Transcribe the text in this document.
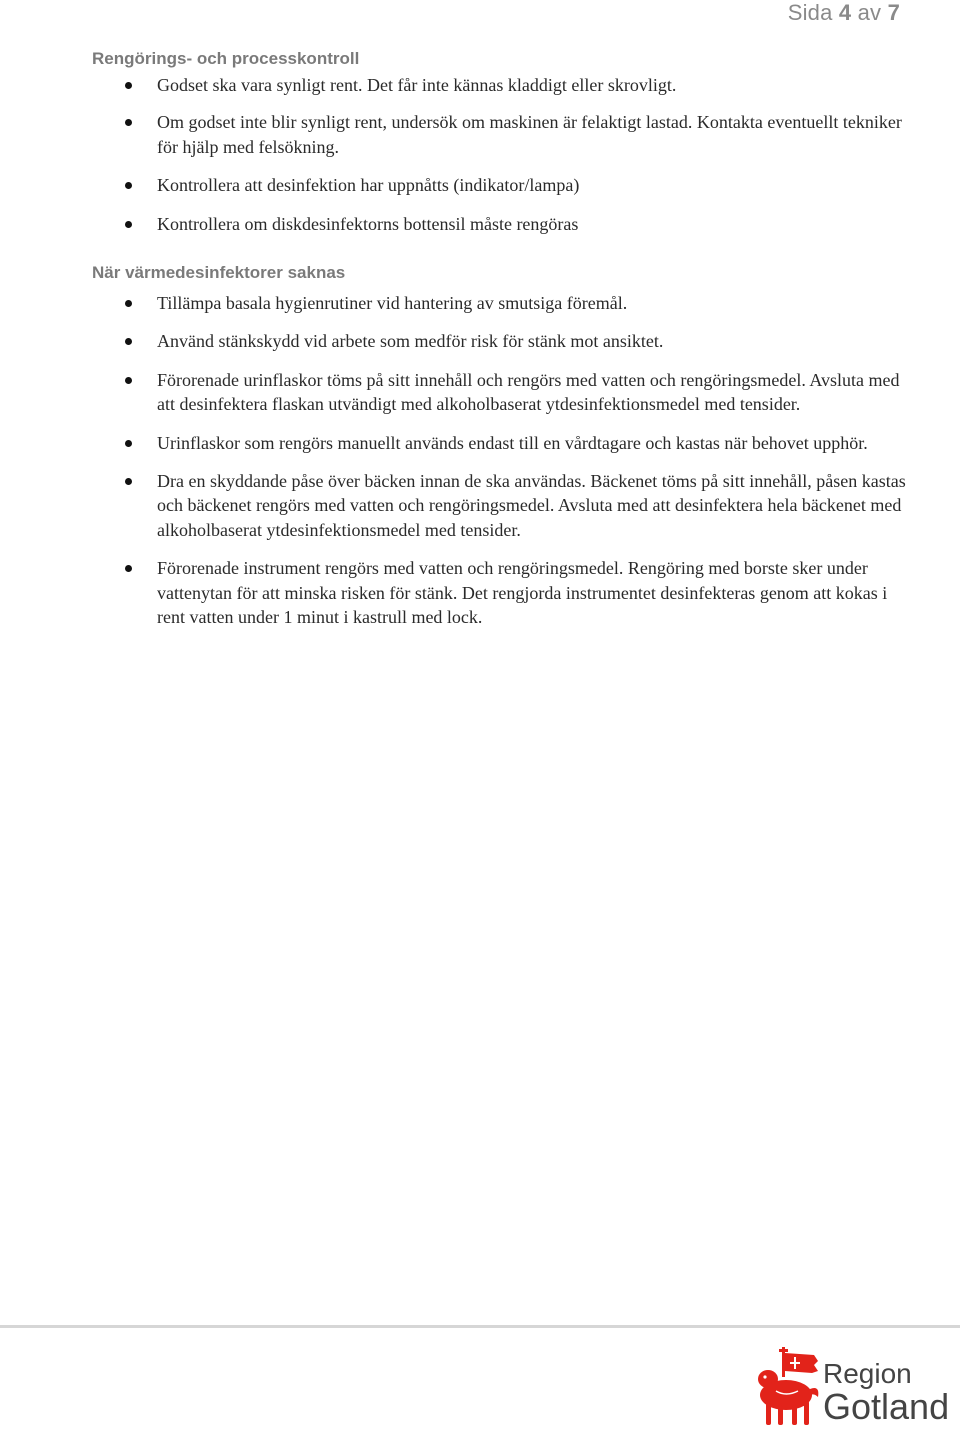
Sida 4 av 7
Rengörings- och processkontroll
Godset ska vara synligt rent. Det får inte kännas kladdigt eller skrovligt.
Om godset inte blir synligt rent, undersök om maskinen är felaktigt lastad. Kontakta eventuellt tekniker för hjälp med felsökning.
Kontrollera att desinfektion har uppnåtts (indikator/lampa)
Kontrollera om diskdesinfektorns bottensil måste rengöras
När värmedesinfektorer saknas
Tillämpa basala hygienrutiner vid hantering av smutsiga föremål.
Använd stänkskydd vid arbete som medför risk för stänk mot ansiktet.
Förorenade urinflaskor töms på sitt innehåll och rengörs med vatten och rengöringsmedel. Avsluta med att desinfektera flaskan utvändigt med alkoholbaserat ytdesinfektionsmedel med tensider.
Urinflaskor som rengörs manuellt används endast till en vårdtagare och kastas när behovet upphör.
Dra en skyddande påse över bäcken innan de ska användas. Bäckenet töms på sitt innehåll, påsen kastas och bäckenet rengörs med vatten och rengöringsmedel. Avsluta med att desinfektera hela bäckenet med alkoholbaserat ytdesinfektionsmedel med tensider.
Förorenade instrument rengörs med vatten och rengöringsmedel. Rengöring med borste sker under vattenytan för att minska risken för stänk. Det rengjorda instrumentet desinfekteras genom att kokas i rent vatten under 1 minut i kastrull med lock.
Region
Gotland
